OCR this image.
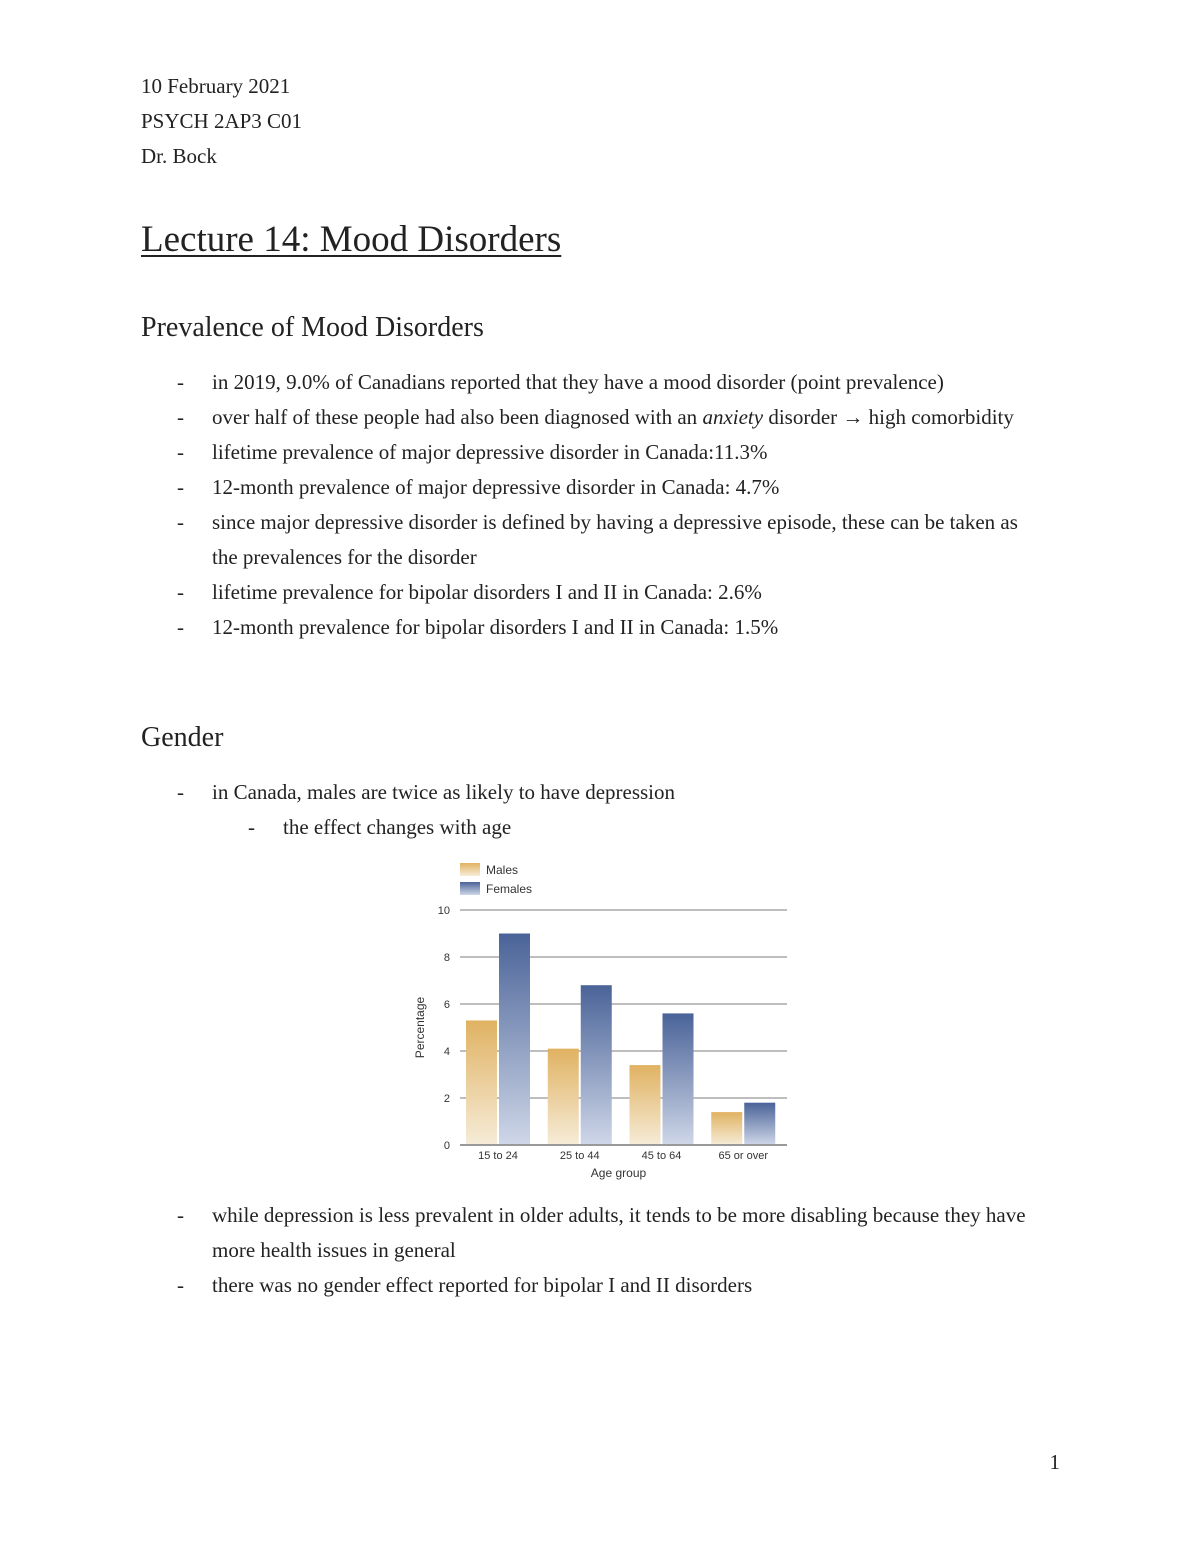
10 February 2021
PSYCH 2AP3 C01
Dr. Bock
Lecture 14: Mood Disorders
Prevalence of Mood Disorders
- in 2019, 9.0% of Canadians reported that they have a mood disorder (point prevalence)
- over half of these people had also been diagnosed with an anxiety disorder → high comorbidity
- lifetime prevalence of major depressive disorder in Canada:11.3%
- 12-month prevalence of major depressive disorder in Canada: 4.7%
- since major depressive disorder is defined by having a depressive episode, these can be taken as the prevalences for the disorder
- lifetime prevalence for bipolar disorders I and II in Canada: 2.6%
- 12-month prevalence for bipolar disorders I and II in Canada: 1.5%
Gender
- in Canada, males are twice as likely to have depression
- the effect changes with age
Males
Females
0
2
4
6
8
10
15 to 24	25 to 44	45 to 64	65 or over
Age group
Percentage
- while depression is less prevalent in older adults, it tends to be more disabling because they have more health issues in general
- there was no gender effect reported for bipolar I and II disorders
1
